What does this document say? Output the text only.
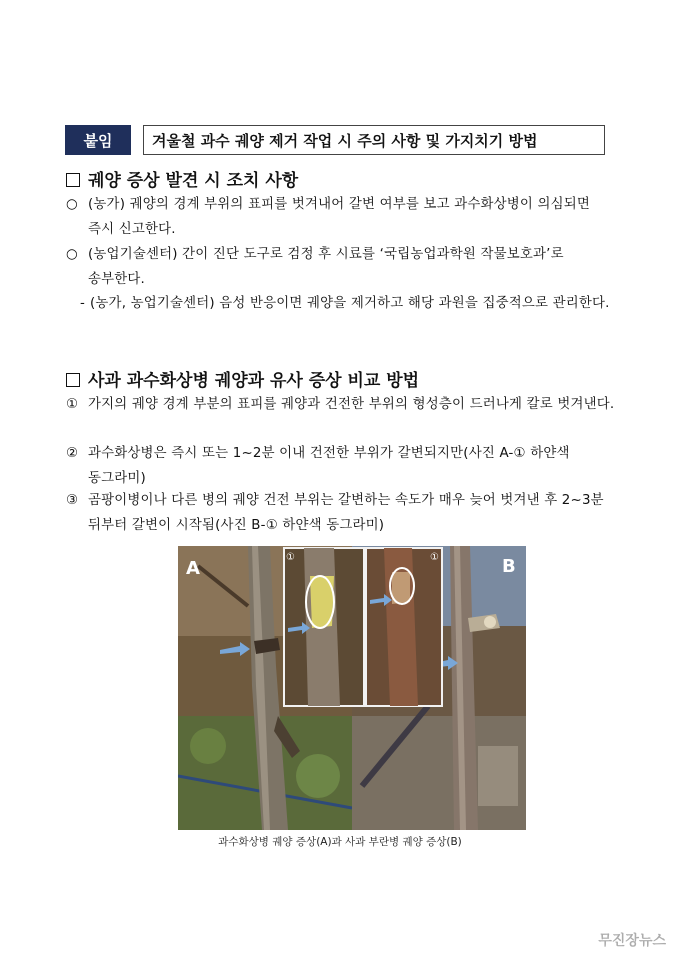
붙임	겨울철 과수 궤양 제거 작업 시 주의 사항 및 가지치기 방법
궤양 증상 발견 시 조치 사항
○ (농가) 궤양의 경계 부위의 표피를 벗겨내어 갈변 여부를 보고 과수화상병이 의심되면 즉시 신고한다.
○ (농업기술센터) 간이 진단 도구로 검정 후 시료를 ‘국립농업과학원 작물보호과’로 송부한다.
- (농가, 농업기술센터) 음성 반응이면 궤양을 제거하고 해당 과원을 집중적으로 관리한다.
사과 과수화상병 궤양과 유사 증상 비교 방법
① 가지의 궤양 경계 부분의 표피를 궤양과 건전한 부위의 형성층이 드러나게 칼로 벗겨낸다.
② 과수화상병은 즉시 또는 1~2분 이내 건전한 부위가 갈변되지만(사진 A-① 하얀색 동그라미)
③ 곰팡이병이나 다른 병의 궤양 건전 부위는 갈변하는 속도가 매우 늦어 벗겨낸 후 2~3분 뒤부터 갈변이 시작됨(사진 B-① 하얀색 동그라미)
A	B
①	①
과수화상병 궤양 증상(A)과 사과 부란병 궤양 증상(B)
무진장뉴스
